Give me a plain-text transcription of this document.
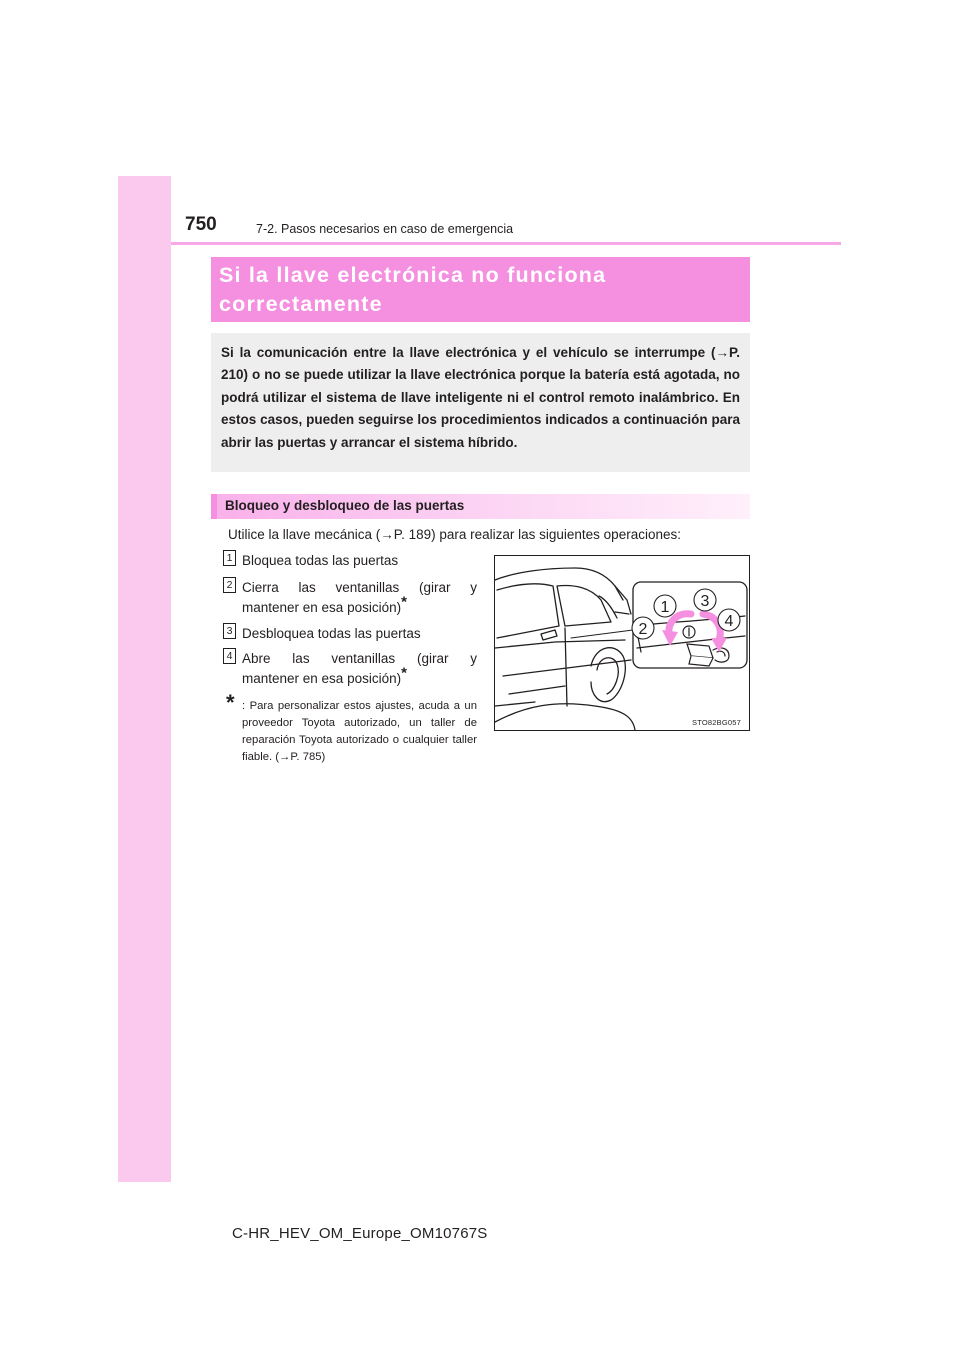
750	7-2. Pasos necesarios en caso de emergencia
Si la llave electrónica no funciona
correctamente

Si la comunicación entre la llave electrónica y el vehículo se interrumpe (→P. 210) o no se puede utilizar la llave electrónica porque la batería está agotada, no podrá utilizar el sistema de llave inteligente ni el control remoto inalámbrico. En estos casos, pueden seguirse los procedimientos indicados a continuación para abrir las puertas y arrancar el sistema híbrido.

Bloqueo y desbloqueo de las puertas
Utilice la llave mecánica (→P. 189) para realizar las siguientes operaciones:
1 Bloquea todas las puertas
2 Cierra las ventanillas (girar y
mantener en esa posición)*
3 Desbloquea todas las puertas
4 Abre las ventanillas (girar y
mantener en esa posición)*
* : Para personalizar estos ajustes, acuda a un proveedor Toyota autorizado, un taller de reparación Toyota autorizado o cualquier taller fiable. (→P. 785)
1
2
3
4
STO82BG057
C-HR_HEV_OM_Europe_OM10767S
